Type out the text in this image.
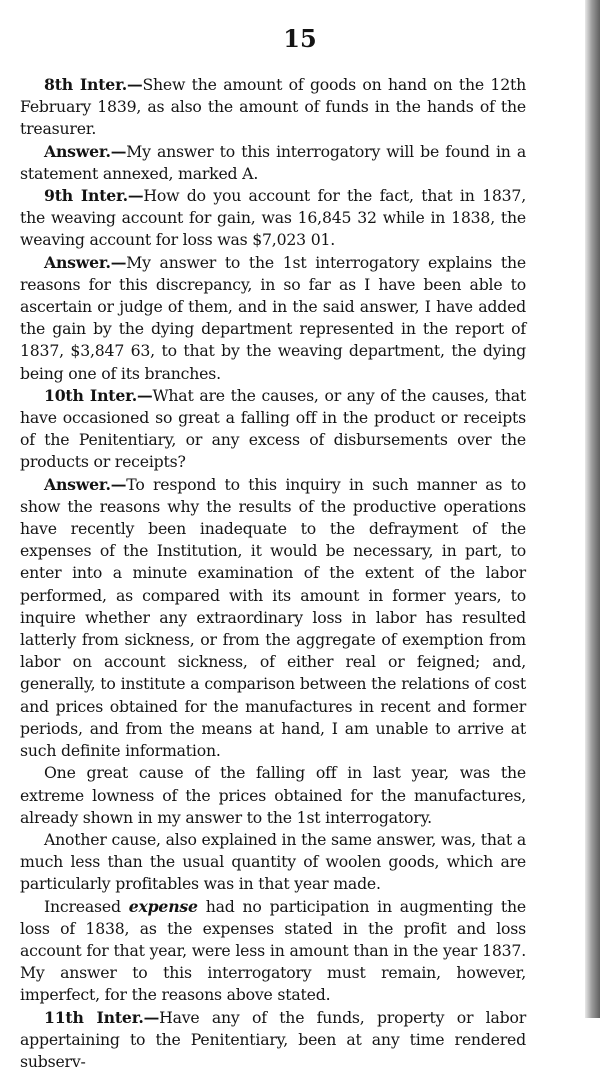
15

8th Inter.—Shew the amount of goods on hand on the 12th February 1839, as also the amount of funds in the hands of the treasurer.

Answer.—My answer to this interrogatory will be found in a statement annexed, marked A.

9th Inter.—How do you account for the fact, that in 1837, the weaving account for gain, was 16,845 32 while in 1838, the weaving account for loss was $7,023 01.

Answer.—My answer to the 1st interrogatory explains the reasons for this discrepancy, in so far as I have been able to ascertain or judge of them, and in the said answer, I have added the gain by the dying department represented in the report of 1837, $3,847 63, to that by the weaving department, the dying being one of its branches.

10th Inter.—What are the causes, or any of the causes, that have occasioned so great a falling off in the product or receipts of the Penitentiary, or any excess of disbursements over the products or receipts?

Answer.—To respond to this inquiry in such manner as to show the reasons why the results of the productive operations have recently been inadequate to the defrayment of the expenses of the Institution, it would be necessary, in part, to enter into a minute examination of the extent of the labor performed, as compared with its amount in former years, to inquire whether any extraordinary loss in labor has resulted latterly from sickness, or from the aggregate of exemption from labor on account sickness, of either real or feigned; and, generally, to institute a comparison between the relations of cost and prices obtained for the manufactures in recent and former periods, and from the means at hand, I am unable to arrive at such definite information.

One great cause of the falling off in last year, was the extreme lowness of the prices obtained for the manufactures, already shown in my answer to the 1st interrogatory.

Another cause, also explained in the same answer, was, that a much less than the usual quantity of woolen goods, which are particularly profitables was in that year made.

Increased expense had no participation in augmenting the loss of 1838, as the expenses stated in the profit and loss account for that year, were less in amount than in the year 1837. My answer to this interrogatory must remain, however, imperfect, for the reasons above stated.

11th Inter.—Have any of the funds, property or labor appertaining to the Penitentiary, been at any time rendered subserv-
